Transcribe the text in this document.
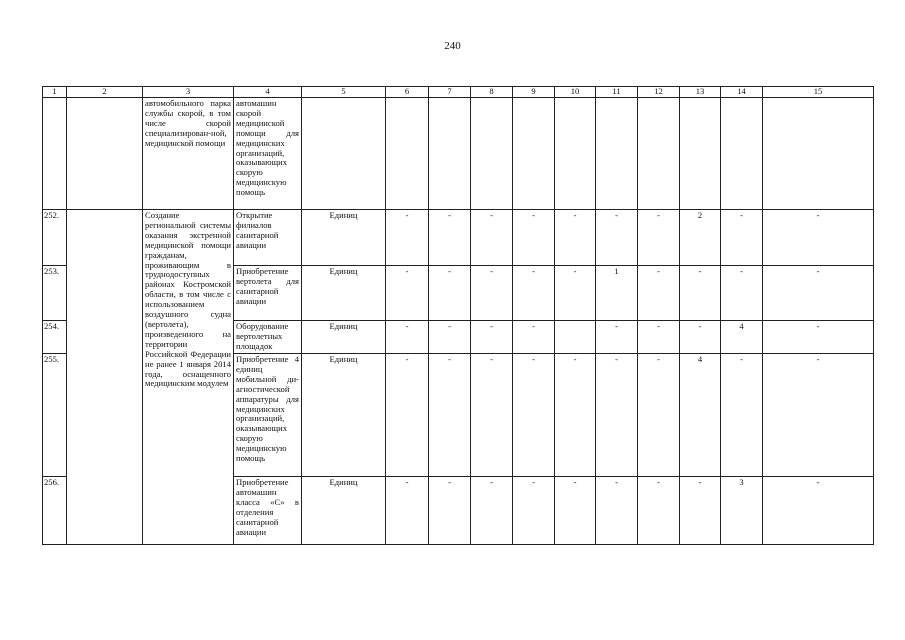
240
1	2	3	4	5	6	7	8	9	10	11	12	13	14	15
		автомобильного парка службы скорой, в том числе скорой специализирован-ной, медицинской помощи	автомашин скорой медицинской помощи для медицинских организаций, оказывающих скорую медицинскую помощь											
252.		Создание региональной системы оказания экстренной медицинской помощи гражданам, проживающим в труднодоступных районах Костромской области, в том числе с использованием воздушного судна (вертолета), произведенного на территории Российской Федерации не ранее 1 января 2014 года, оснащенного медицинским модулем	Открытие филиалов санитарной авиации	Единиц	-	-	-	-	-	-	-	2	-	-
253.			Приобретение вертолета для санитарной авиации	Единиц	-	-	-	-	-	1	-	-	-	-
254.			Оборудование вертолетных площадок	Единиц	-	-	-	-		-	-	-	4	-
255.			Приобретение 4 единиц мобильной ди-агностической аппаратуры для медицинских организаций, оказывающих скорую медицинскую помощь	Единиц	-	-	-	-	-	-	-	4	-	-
256.			Приобретение автомашин класса «С» в отделения санитарной авиации	Единиц	-	-	-	-	-	-	-	-	3	-
